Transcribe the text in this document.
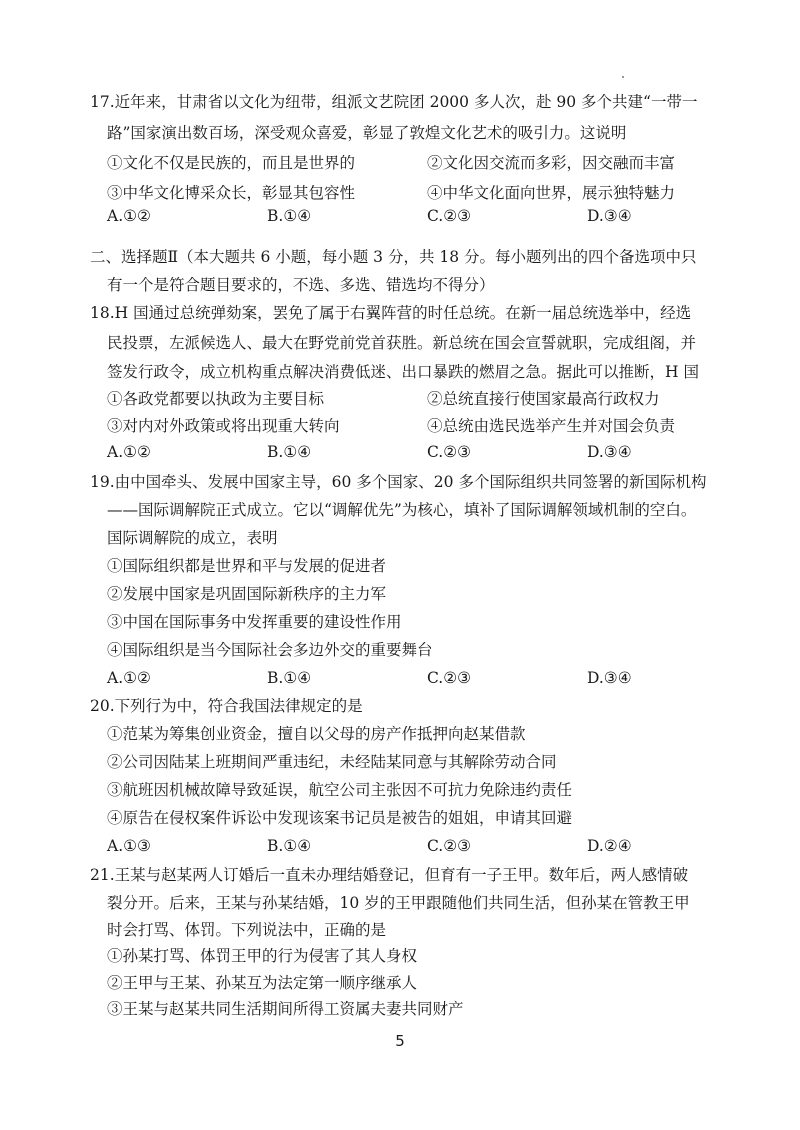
17.近年来，甘肃省以文化为纽带，组派文艺院团 2000 多人次，赴 90 多个共建“一带一
路”国家演出数百场，深受观众喜爱，彰显了敦煌文化艺术的吸引力。这说明
①文化不仅是民族的，而且是世界的	②文化因交流而多彩，因交融而丰富
③中华文化博采众长，彰显其包容性	④中华文化面向世界，展示独特魅力
A.①②	B.①④	C.②③	D.③④
二、选择题Ⅱ（本大题共 6 小题，每小题 3 分，共 18 分。每小题列出的四个备选项中只
有一个是符合题目要求的，不选、多选、错选均不得分）
18.H 国通过总统弹劾案，罢免了属于右翼阵营的时任总统。在新一届总统选举中，经选
民投票，左派候选人、最大在野党前党首获胜。新总统在国会宣誓就职，完成组阁，并
签发行政令，成立机构重点解决消费低迷、出口暴跌的燃眉之急。据此可以推断，H 国
①各政党都要以执政为主要目标	②总统直接行使国家最高行政权力
③对内对外政策或将出现重大转向	④总统由选民选举产生并对国会负责
A.①②	B.①④	C.②③	D.③④
19.由中国牵头、发展中国家主导，60 多个国家、20 多个国际组织共同签署的新国际机构
——国际调解院正式成立。它以“调解优先”为核心，填补了国际调解领域机制的空白。
国际调解院的成立，表明
①国际组织都是世界和平与发展的促进者
②发展中国家是巩固国际新秩序的主力军
③中国在国际事务中发挥重要的建设性作用
④国际组织是当今国际社会多边外交的重要舞台
A.①②	B.①④	C.②③	D.③④
20.下列行为中，符合我国法律规定的是
①范某为筹集创业资金，擅自以父母的房产作抵押向赵某借款
②公司因陆某上班期间严重违纪，未经陆某同意与其解除劳动合同
③航班因机械故障导致延误，航空公司主张因不可抗力免除违约责任
④原告在侵权案件诉讼中发现该案书记员是被告的姐姐，申请其回避
A.①③	B.①④	C.②③	D.②④
21.王某与赵某两人订婚后一直未办理结婚登记，但育有一子王甲。数年后，两人感情破
裂分开。后来，王某与孙某结婚，10 岁的王甲跟随他们共同生活，但孙某在管教王甲
时会打骂、体罚。下列说法中，正确的是
①孙某打骂、体罚王甲的行为侵害了其人身权
②王甲与王某、孙某互为法定第一顺序继承人
③王某与赵某共同生活期间所得工资属夫妻共同财产
5
